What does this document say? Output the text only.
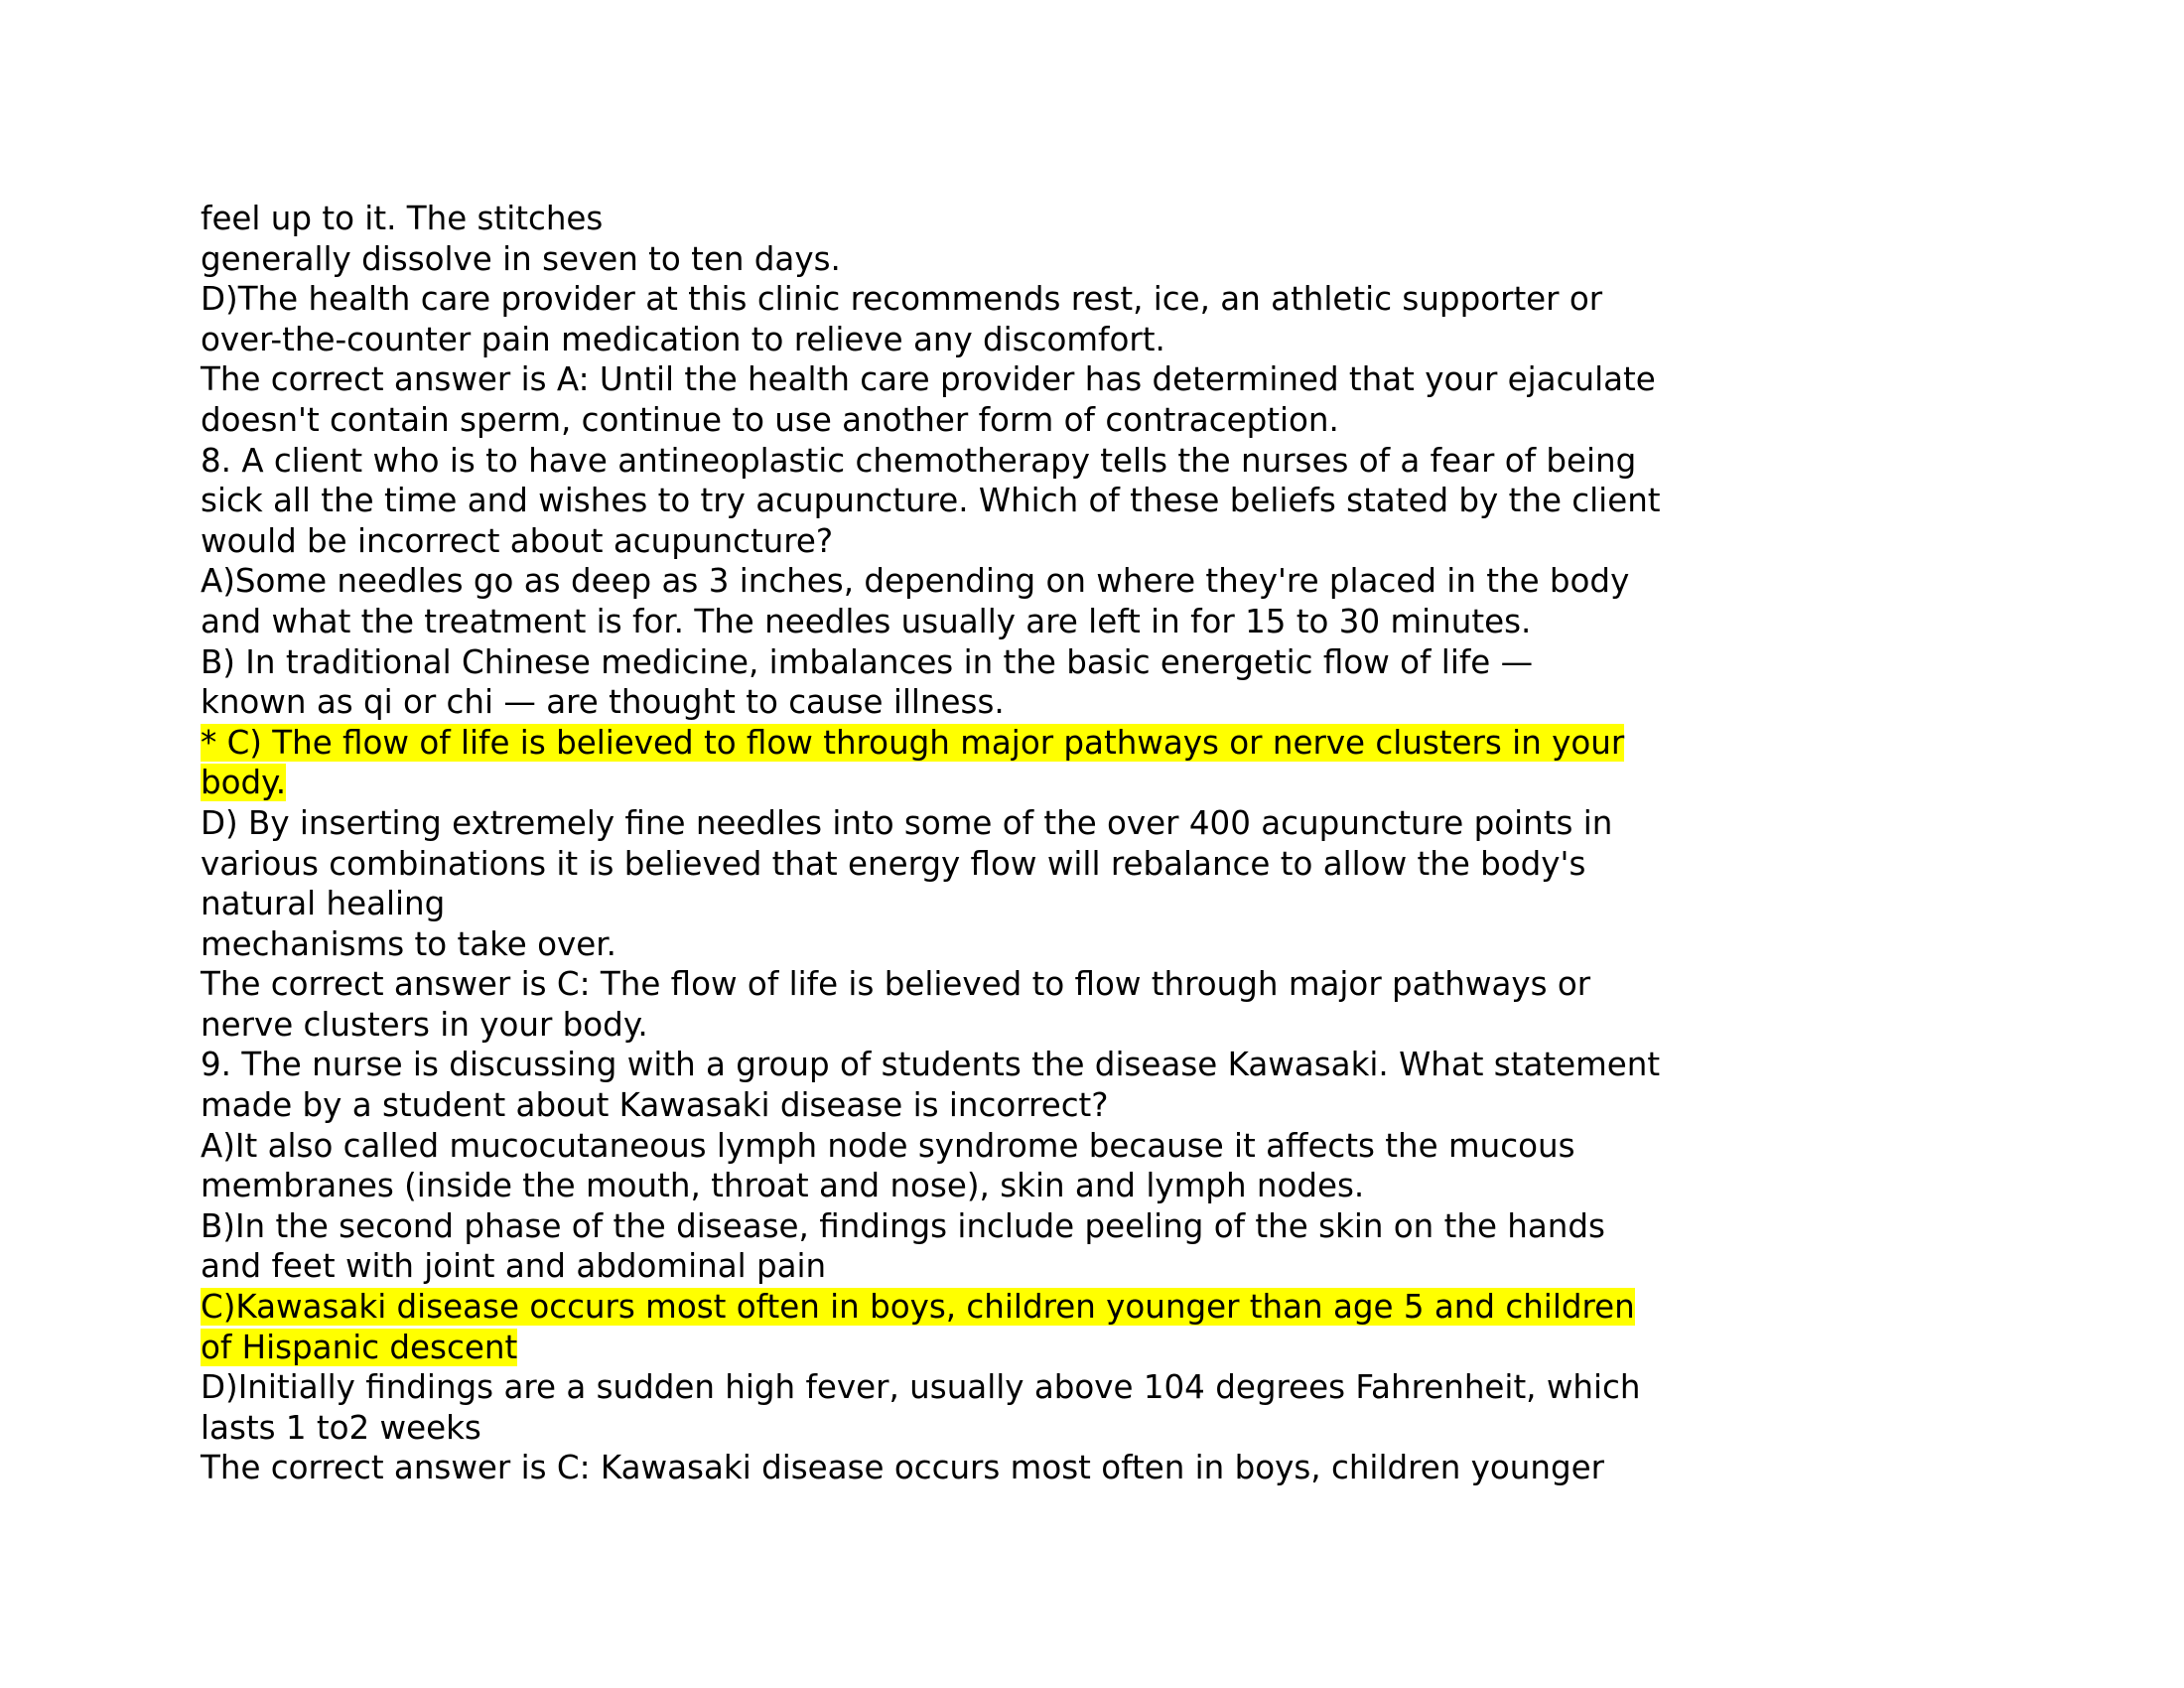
feel up to it. The stitches
generally dissolve in seven to ten days.
D)The health care provider at this clinic recommends rest, ice, an athletic supporter or
over-the-counter pain medication to relieve any discomfort.
The correct answer is A: Until the health care provider has determined that your ejaculate
doesn't contain sperm, continue to use another form of contraception.
8. A client who is to have antineoplastic chemotherapy tells the nurses of a fear of being
sick all the time and wishes to try acupuncture. Which of these beliefs stated by the client
would be incorrect about acupuncture?
A)Some needles go as deep as 3 inches, depending on where they're placed in the body
and what the treatment is for. The needles usually are left in for 15 to 30 minutes.
B) In traditional Chinese medicine, imbalances in the basic energetic flow of life —
known as qi or chi — are thought to cause illness.
* C) The flow of life is believed to flow through major pathways or nerve clusters in your
body.
D) By inserting extremely fine needles into some of the over 400 acupuncture points in
various combinations it is believed that energy flow will rebalance to allow the body's
natural healing
mechanisms to take over.
The correct answer is C: The flow of life is believed to flow through major pathways or
nerve clusters in your body.
9. The nurse is discussing with a group of students the disease Kawasaki. What statement
made by a student about Kawasaki disease is incorrect?
A)It also called mucocutaneous lymph node syndrome because it affects the mucous
membranes (inside the mouth, throat and nose), skin and lymph nodes.
B)In the second phase of the disease, findings include peeling of the skin on the hands
and feet with joint and abdominal pain
C)Kawasaki disease occurs most often in boys, children younger than age 5 and children
of Hispanic descent
D)Initially findings are a sudden high fever, usually above 104 degrees Fahrenheit, which
lasts 1 to2 weeks
The correct answer is C: Kawasaki disease occurs most often in boys, children younger
